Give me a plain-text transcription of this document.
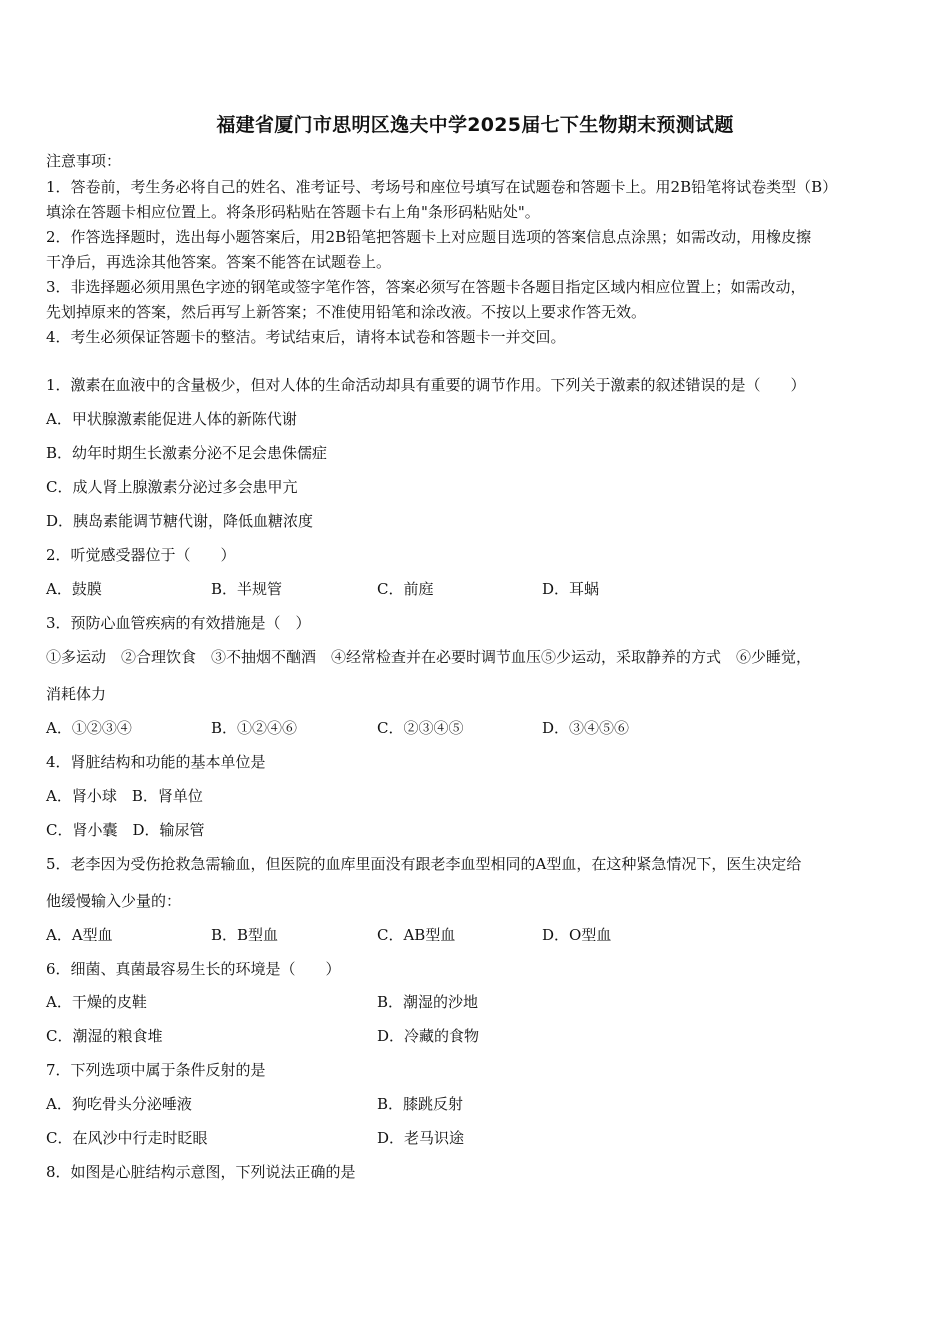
福建省厦门市思明区逸夫中学2025届七下生物期末预测试题
注意事项：
1．答卷前，考生务必将自己的姓名、准考证号、考场号和座位号填写在试题卷和答题卡上。用2B铅笔将试卷类型（B）
填涂在答题卡相应位置上。将条形码粘贴在答题卡右上角"条形码粘贴处"。
2．作答选择题时，选出每小题答案后，用2B铅笔把答题卡上对应题目选项的答案信息点涂黑；如需改动，用橡皮擦
干净后，再选涂其他答案。答案不能答在试题卷上。
3．非选择题必须用黑色字迹的钢笔或签字笔作答，答案必须写在答题卡各题目指定区域内相应位置上；如需改动，
先划掉原来的答案，然后再写上新答案；不准使用铅笔和涂改液。不按以上要求作答无效。
4．考生必须保证答题卡的整洁。考试结束后，请将本试卷和答题卡一并交回。
1．激素在血液中的含量极少，但对人体的生命活动却具有重要的调节作用。下列关于激素的叙述错误的是（　　）
A．甲状腺激素能促进人体的新陈代谢
B．幼年时期生长激素分泌不足会患侏儒症
C．成人肾上腺激素分泌过多会患甲亢
D．胰岛素能调节糖代谢，降低血糖浓度
2．听觉感受器位于（　　）
A．鼓膜	B．半规管	C．前庭	D．耳蜗
3．预防心血管疾病的有效措施是（　）
①多运动　②合理饮食　③不抽烟不酗酒　④经常检查并在必要时调节血压⑤少运动，采取静养的方式　⑥少睡觉，
消耗体力
A．①②③④	B．①②④⑥	C．②③④⑤	D．③④⑤⑥
4．肾脏结构和功能的基本单位是
A．肾小球　B．肾单位
C．肾小囊　D．输尿管
5．老李因为受伤抢救急需输血，但医院的血库里面没有跟老李血型相同的A型血，在这种紧急情况下，医生决定给
他缓慢输入少量的：
A．A型血	B．B型血	C．AB型血	D．O型血
6．细菌、真菌最容易生长的环境是（　　）
A．干燥的皮鞋	B．潮湿的沙地
C．潮湿的粮食堆	D．冷藏的食物
7．下列选项中属于条件反射的是
A．狗吃骨头分泌唾液	B．膝跳反射
C．在风沙中行走时眨眼	D．老马识途
8．如图是心脏结构示意图，下列说法正确的是
